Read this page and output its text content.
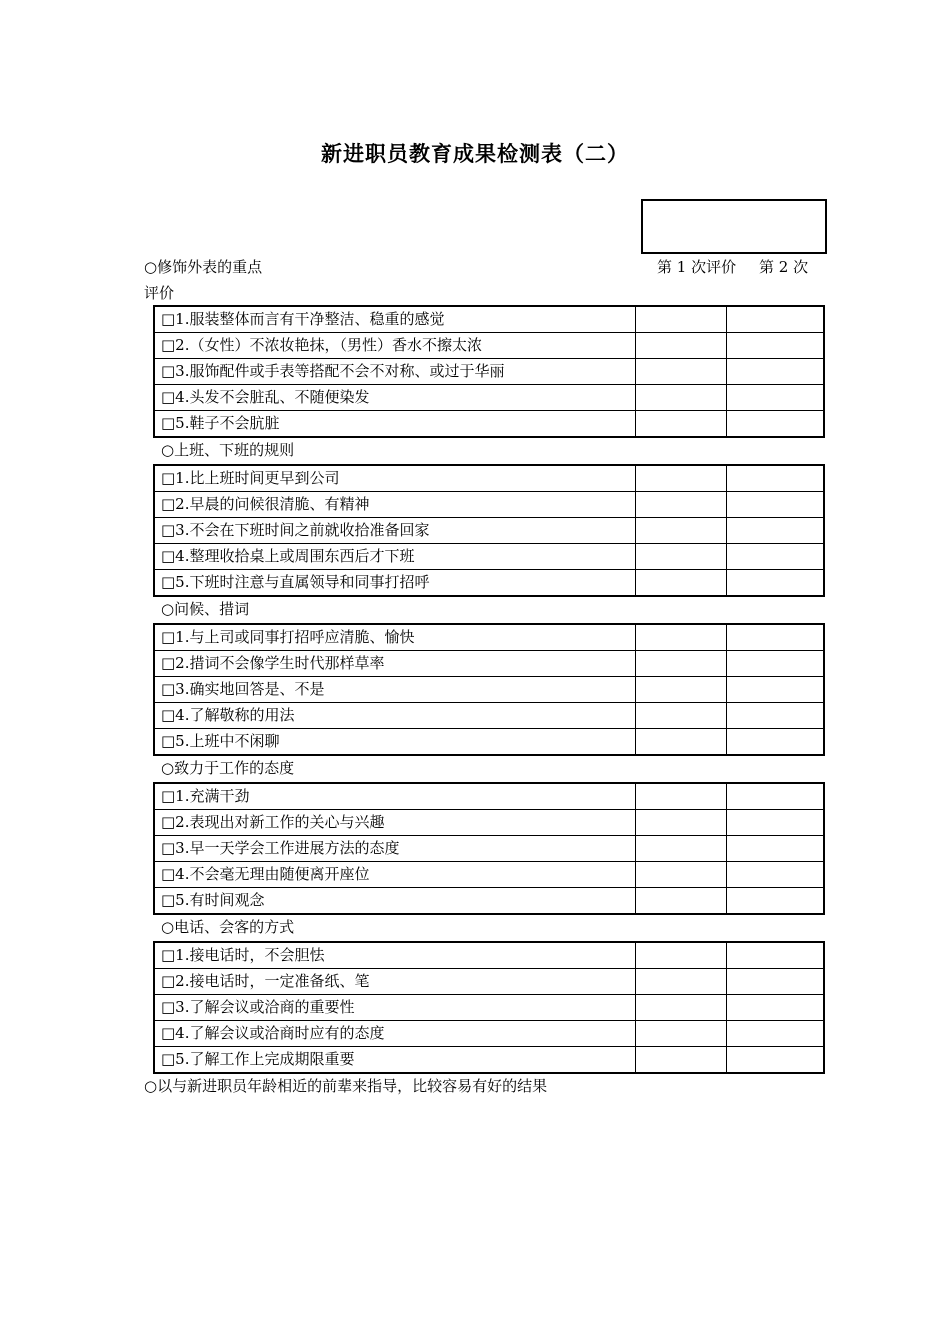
新进职员教育成果检测表（二）
○修饰外表的重点	第 1 次评价 第 2 次
评价
□1.服装整体而言有干净整洁、稳重的感觉		
□2.（女性）不浓妆艳抹，（男性）香水不擦太浓		
□3.服饰配件或手表等搭配不会不对称、或过于华丽		
□4.头发不会脏乱、不随便染发		
□5.鞋子不会肮脏		
○上班、下班的规则
□1.比上班时间更早到公司		
□2.早晨的问候很清脆、有精神		
□3.不会在下班时间之前就收拾准备回家		
□4.整理收拾桌上或周围东西后才下班		
□5.下班时注意与直属领导和同事打招呼		
○问候、措词
□1.与上司或同事打招呼应清脆、愉快		
□2.措词不会像学生时代那样草率		
□3.确实地回答是、不是		
□4.了解敬称的用法		
□5.上班中不闲聊		
○致力于工作的态度
□1.充满干劲		
□2.表现出对新工作的关心与兴趣		
□3.早一天学会工作进展方法的态度		
□4.不会毫无理由随便离开座位		
□5.有时间观念		
○电话、会客的方式
□1.接电话时，不会胆怯		
□2.接电话时，一定准备纸、笔		
□3.了解会议或洽商的重要性		
□4.了解会议或洽商时应有的态度		
□5.了解工作上完成期限重要		
○以与新进职员年龄相近的前辈来指导，比较容易有好的结果
